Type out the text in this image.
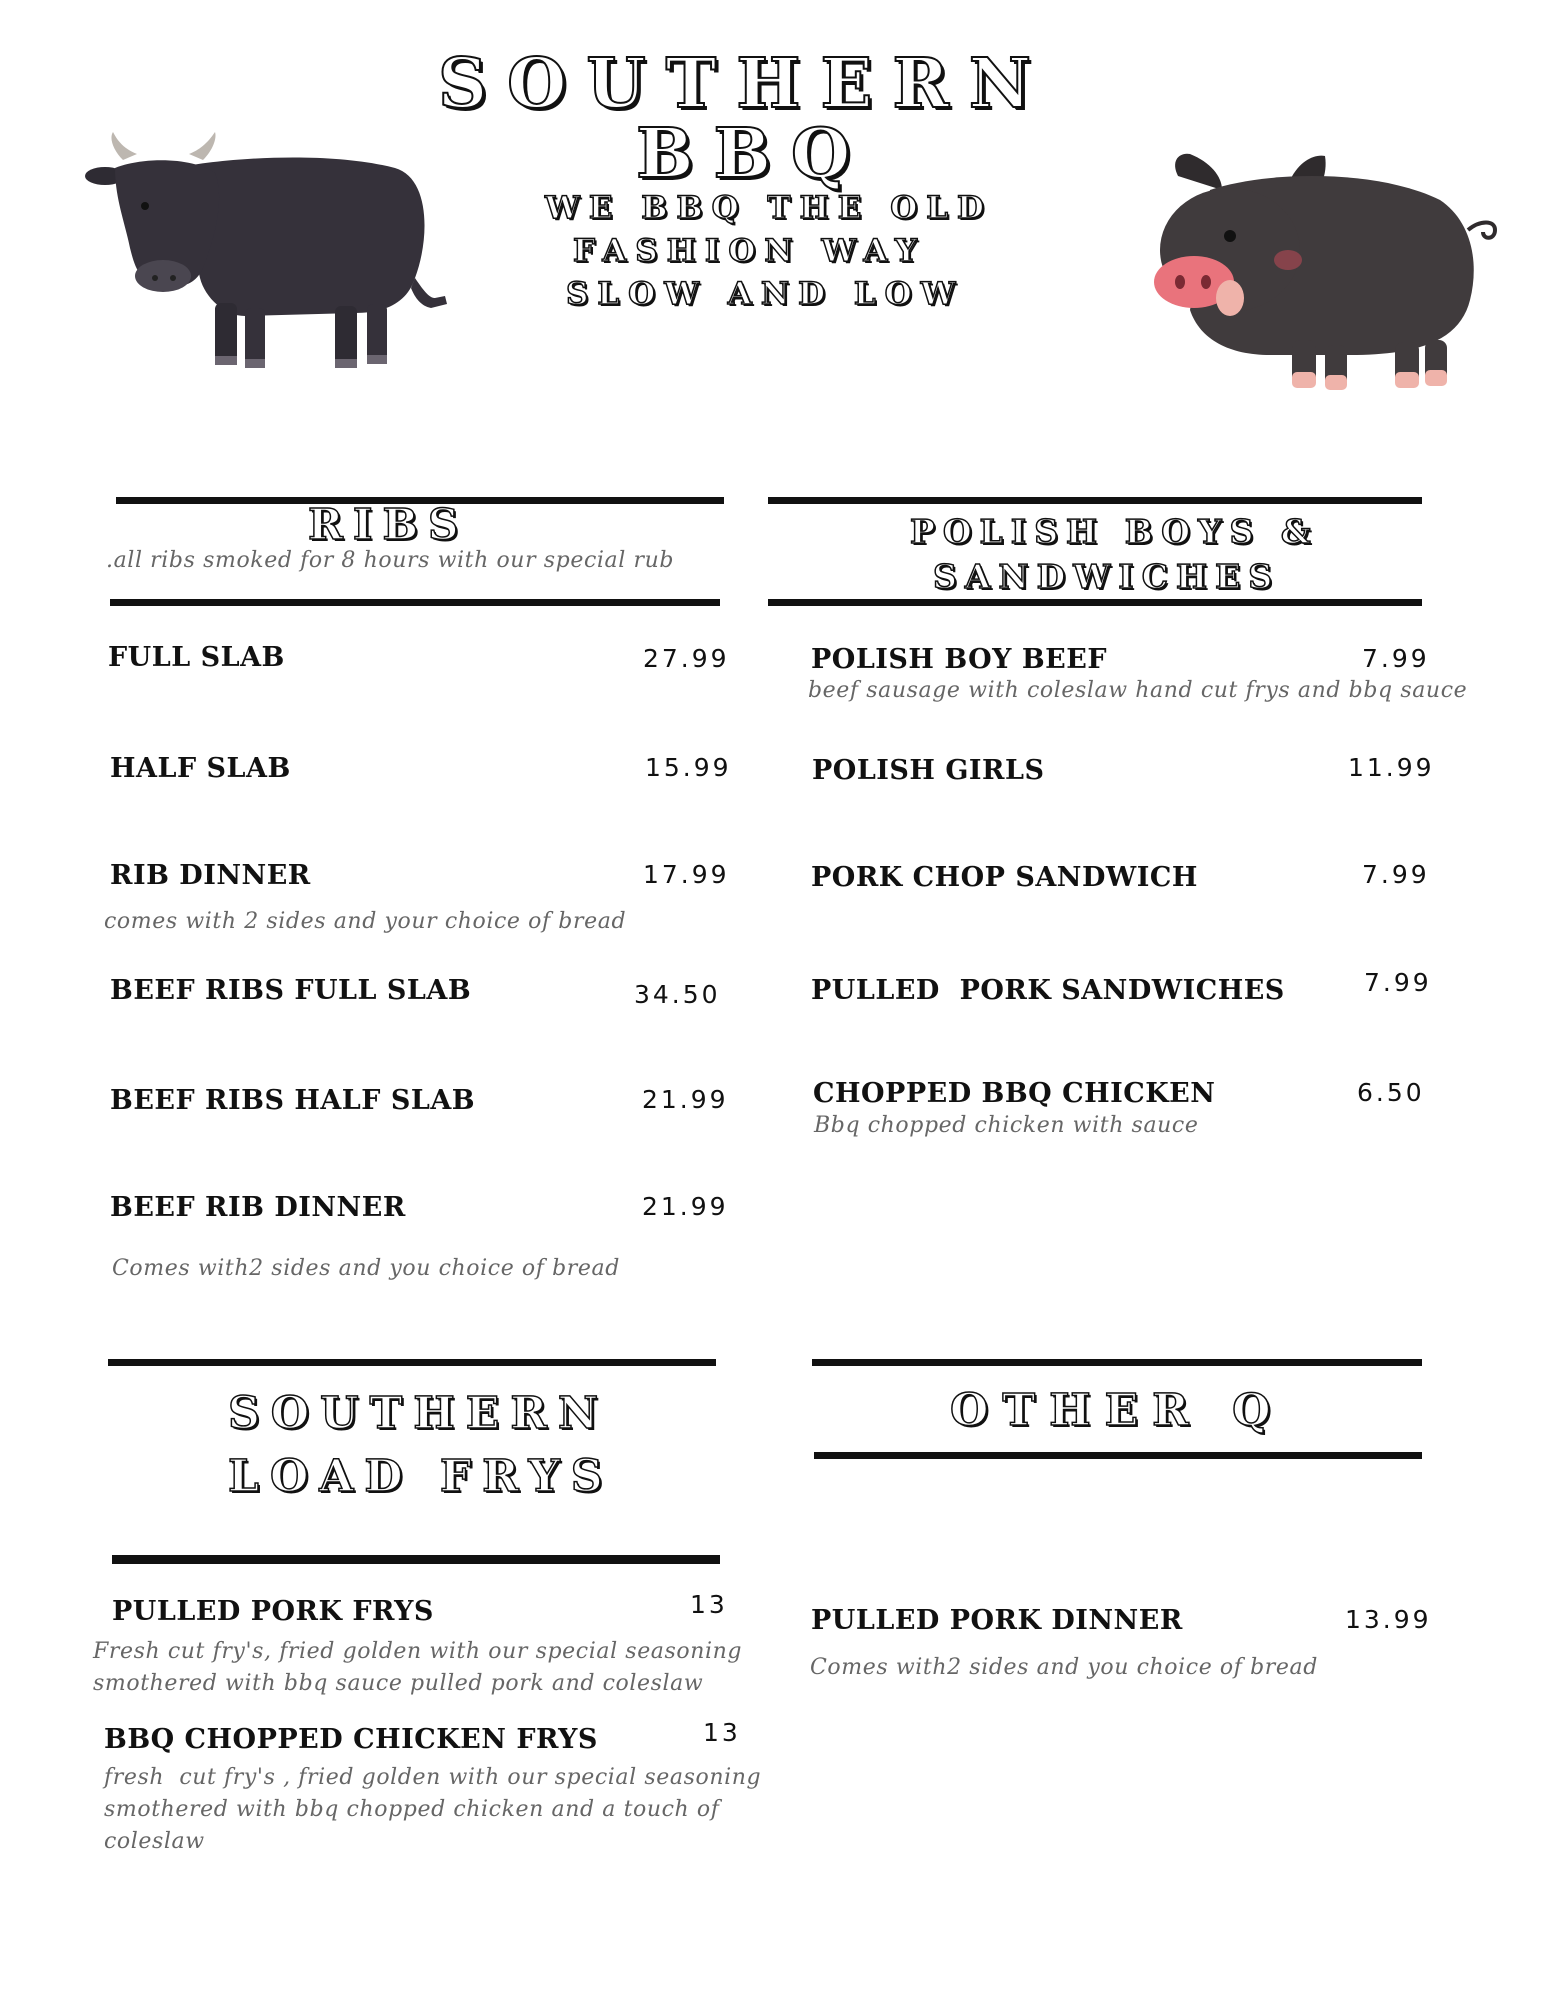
SOUTHERN
BBQ
WE BBQ THE OLD
FASHION WAY
SLOW AND LOW
RIBS
.all ribs smoked for 8 hours with our special rub
FULL SLAB	27.99
HALF SLAB	15.99
RIB DINNER	17.99
comes with 2 sides and your choice of bread
BEEF RIBS FULL SLAB	34.50
BEEF RIBS HALF SLAB	21.99
BEEF RIB DINNER	21.99
Comes with2 sides and you choice of bread
POLISH BOYS &
SANDWICHES
POLISH BOY BEEF	7.99
beef sausage with coleslaw hand cut frys and bbq sauce
POLISH GIRLS	11.99
PORK CHOP SANDWICH	7.99
PULLED  PORK SANDWICHES	7.99
CHOPPED BBQ CHICKEN	6.50
Bbq chopped chicken with sauce
SOUTHERN
LOAD FRYS
PULLED PORK FRYS	13
Fresh cut fry's, fried golden with our special seasoning
smothered with bbq sauce pulled pork and coleslaw
BBQ CHOPPED CHICKEN FRYS	13
fresh  cut fry's , fried golden with our special seasoning
smothered with bbq chopped chicken and a touch of
coleslaw
OTHER Q
PULLED PORK DINNER	13.99
Comes with2 sides and you choice of bread
